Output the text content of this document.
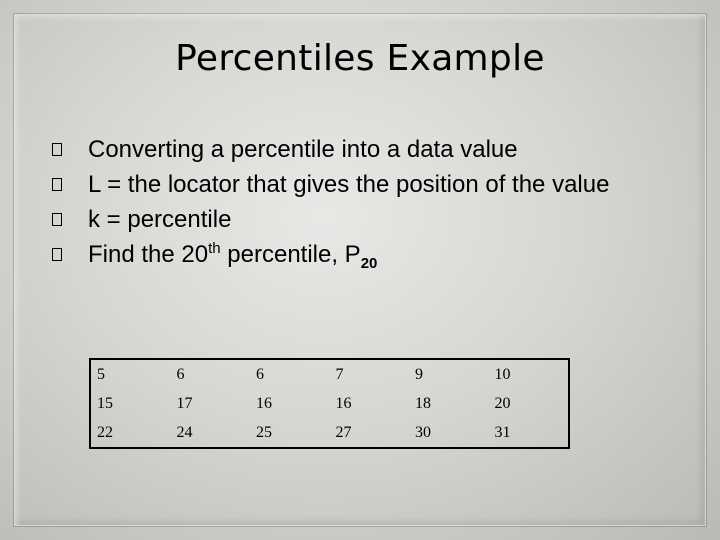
Percentiles Example
Converting a percentile into a data value
L = the locator that gives the position of the value
k = percentile
Find the 20th percentile, $P_{20}$
5	6	6	7	9	10
15	17	16	16	18	20
22	24	25	27	30	31
